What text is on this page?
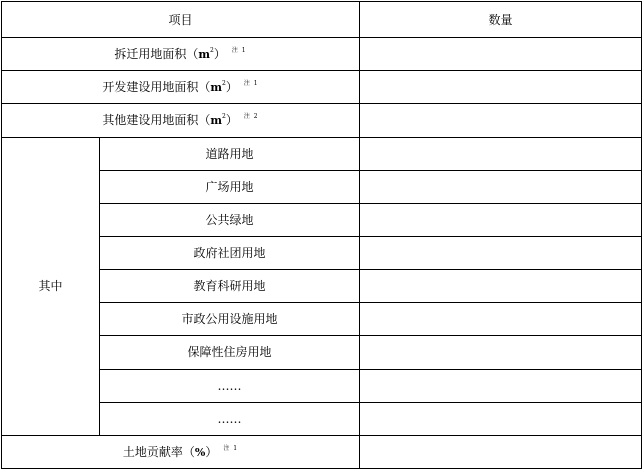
项目		数量
拆迁用地面积$(m^2)$ $^{注 1}$	
开发建设用地面积$(m^2)$ $^{注 1}$	
其他建设用地面积$(m^2)$ $^{注 2}$	
其中	道路用地	
	广场用地	
	公共绿地	
	政府社团用地	
	教育科研用地	
	市政公用设施用地	
	保障性住房用地	
	……	
	……	
土地贡献率（%） $^{注 1}$	
